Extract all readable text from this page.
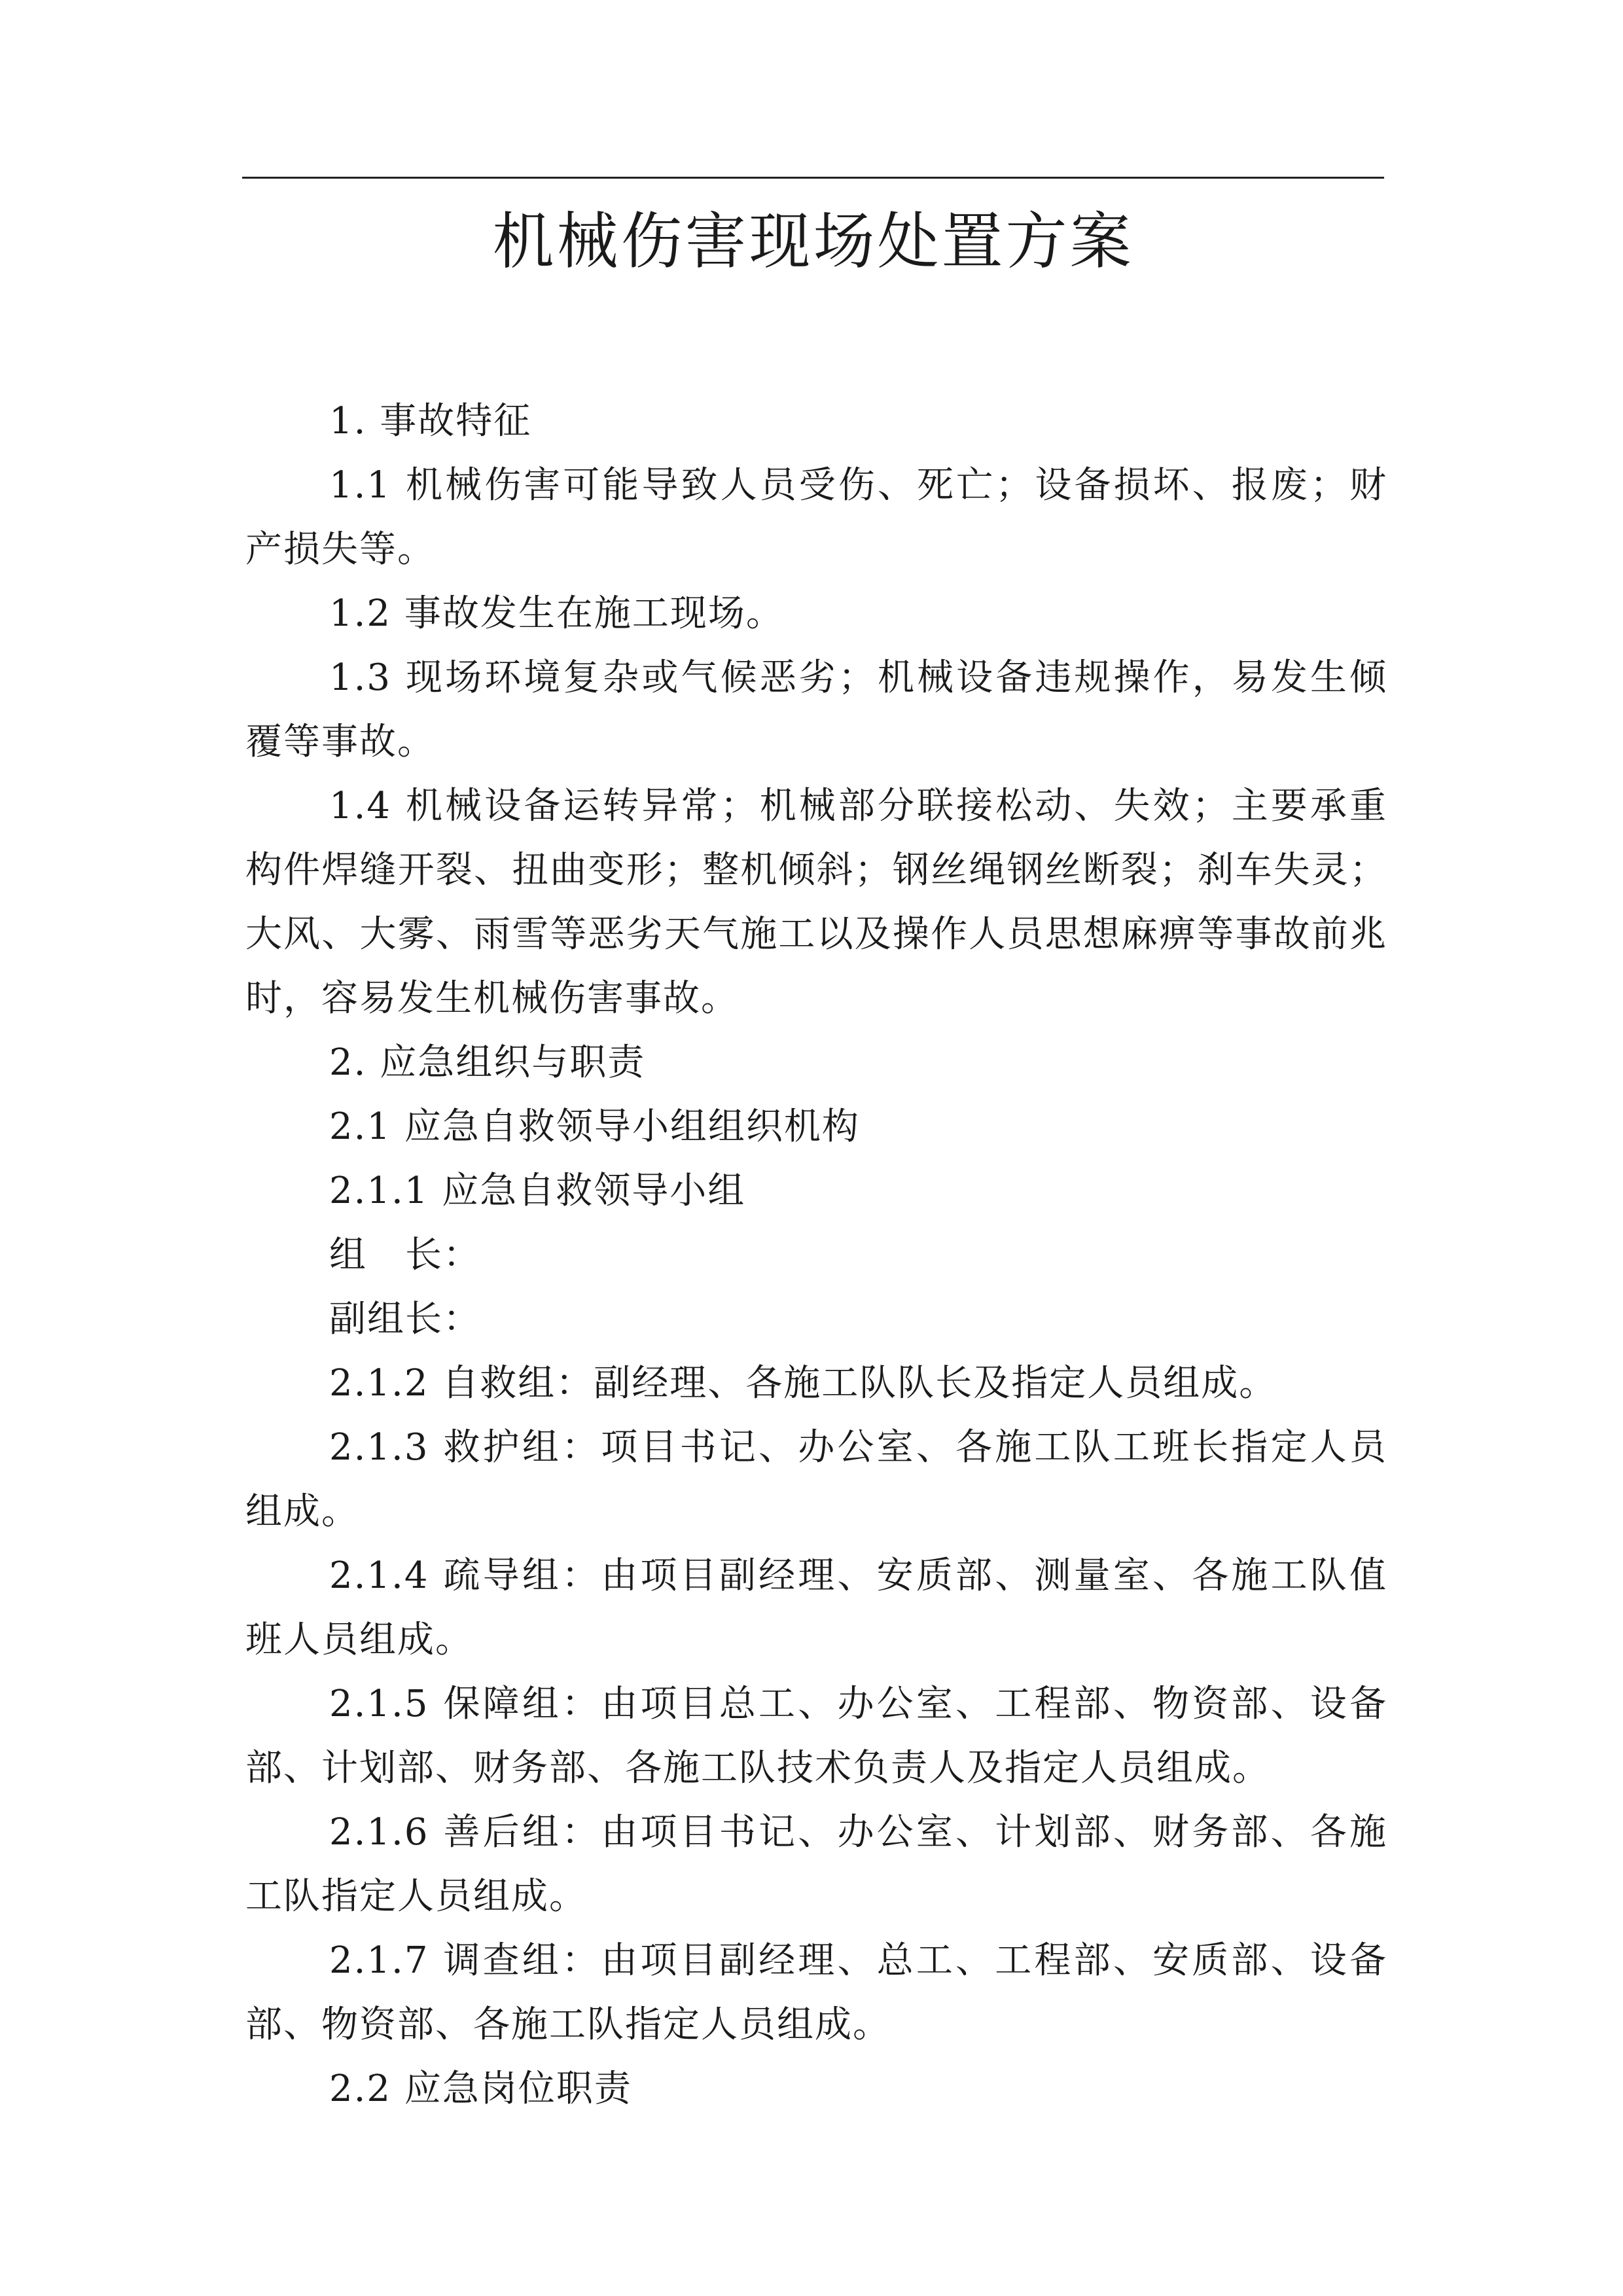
机械伤害现场处置方案

1. 事故特征

1.1 机械伤害可能导致人员受伤、死亡；设备损坏、报废；财产损失等。

1.2 事故发生在施工现场。

1.3 现场环境复杂或气候恶劣；机械设备违规操作，易发生倾覆等事故。

1.4 机械设备运转异常；机械部分联接松动、失效；主要承重构件焊缝开裂、扭曲变形；整机倾斜；钢丝绳钢丝断裂；刹车失灵；大风、大雾、雨雪等恶劣天气施工以及操作人员思想麻痹等事故前兆时，容易发生机械伤害事故。

2. 应急组织与职责

2.1 应急自救领导小组组织机构

2.1.1 应急自救领导小组

组　长：

副组长：

2.1.2 自救组：副经理、各施工队队长及指定人员组成。

2.1.3 救护组：项目书记、办公室、各施工队工班长指定人员组成。

2.1.4 疏导组：由项目副经理、安质部、测量室、各施工队值班人员组成。

2.1.5 保障组：由项目总工、办公室、工程部、物资部、设备部、计划部、财务部、各施工队技术负责人及指定人员组成。

2.1.6 善后组：由项目书记、办公室、计划部、财务部、各施工队指定人员组成。

2.1.7 调查组：由项目副经理、总工、工程部、安质部、设备部、物资部、各施工队指定人员组成。

2.2 应急岗位职责
